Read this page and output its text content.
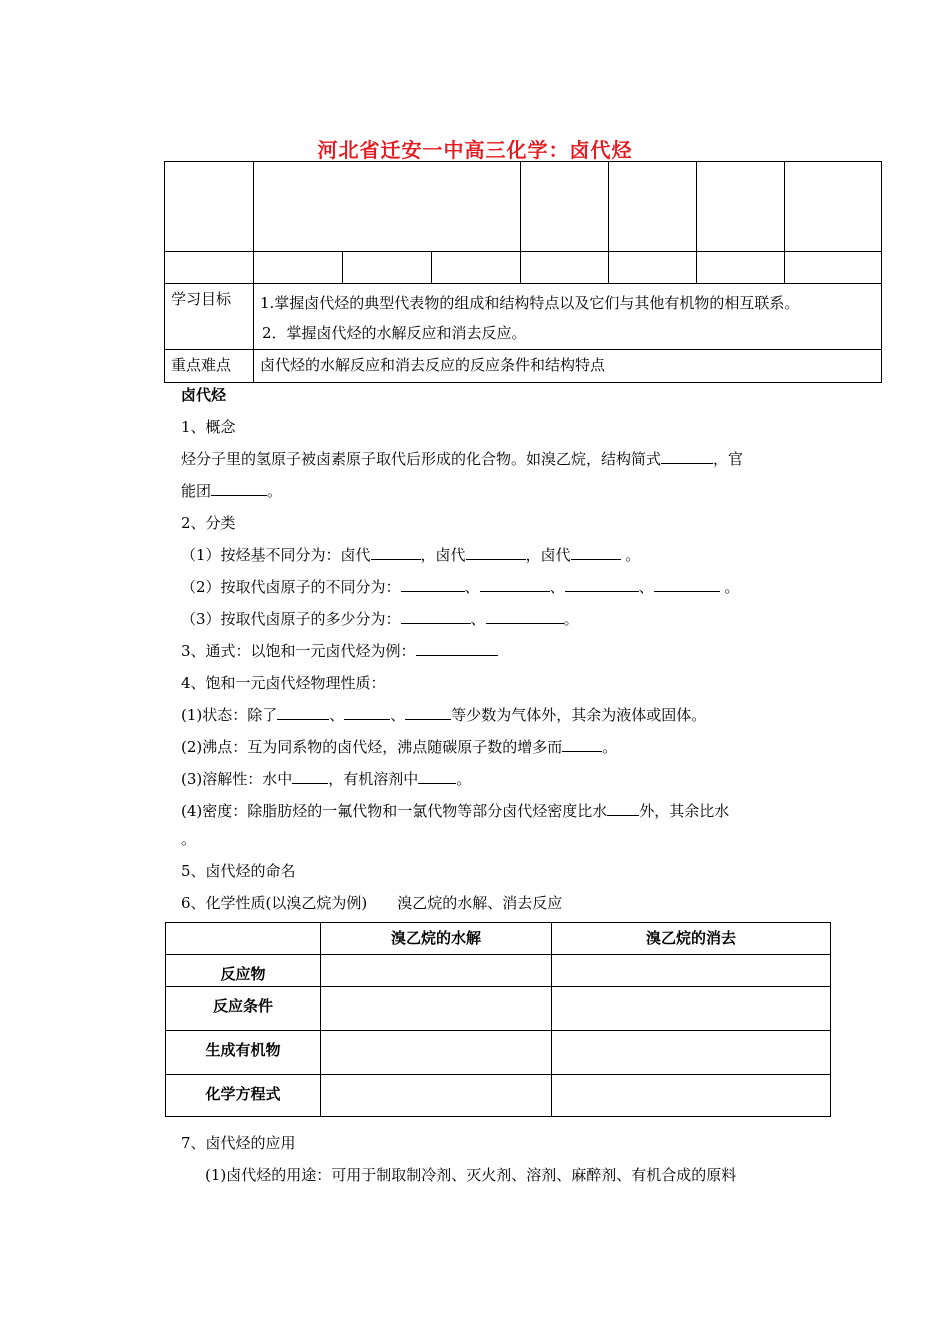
河北省迁安一中高三化学：卤代烃

学习目标	1.掌握卤代烃的典型代表物的组成和结构特点以及它们与其他有机物的相互联系。
2．掌握卤代烃的水解反应和消去反应。						

重点难点	卤代烃的水解反应和消去反应的反应条件和结构特点						
卤代烃
1、概念
烃分子里的氢原子被卤素原子取代后形成的化合物。如溴乙烷，结构简式	，官
能团	。
2、分类
（1）按烃基不同分为：卤代	，卤代	，卤代	。
（2）按取代卤原子的不同分为：	、	、	、	。
（3）按取代卤原子的多少分为：	、	。
3、通式：以饱和一元卤代烃为例：
4、饱和一元卤代烃物理性质：
(1)状态：除了	、	、	等少数为气体外，其余为液体或固体。
(2)沸点：互为同系物的卤代烃，沸点随碳原子数的增多而	。
(3)溶解性：水中 ，有机溶剂中	。
(4)密度：除脂肪烃的一氟代物和一氯代物等部分卤代烃密度比水 外，其余比水
。
5、卤代烃的命名
6、化学性质(以溴乙烷为例)　　溴乙烷的水解、消去反应
	溴乙烷的水解	溴乙烷的消去
反应物		
反应条件		
生成有机物		
化学方程式		
7、卤代烃的应用
(1)卤代烃的用途：可用于制取制冷剂、灭火剂、溶剂、麻醉剂、有机合成的原料
